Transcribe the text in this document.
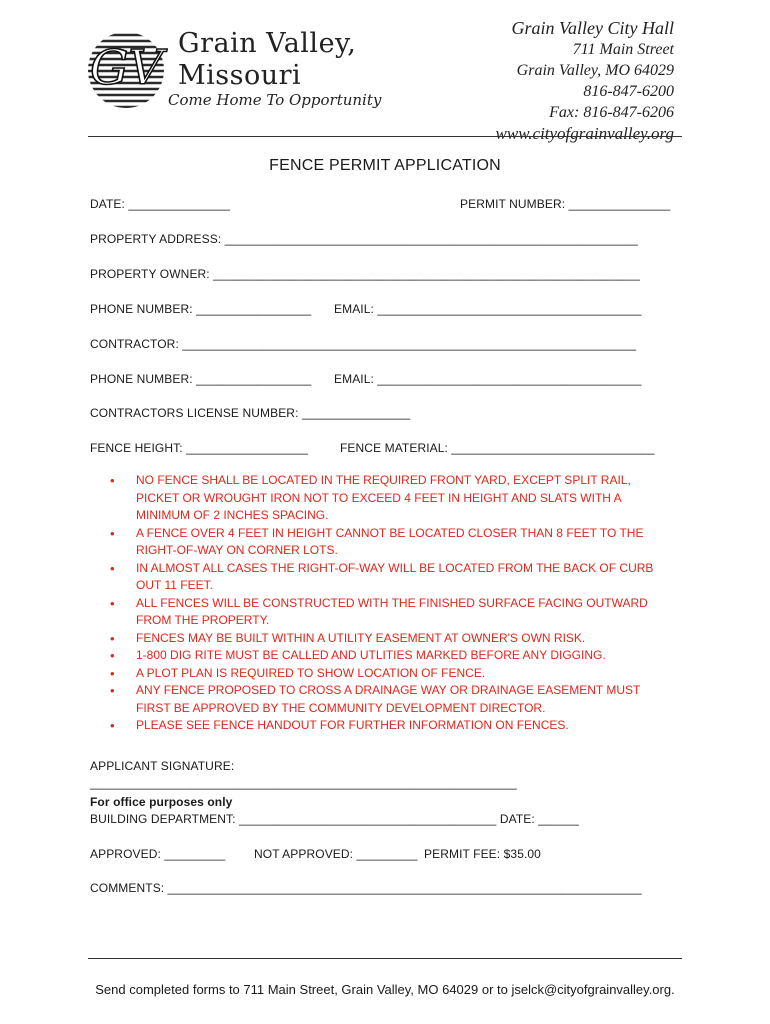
GV Grain Valley,
Missouri
Come Home To Opportunity
Grain Valley City Hall
711 Main Street
Grain Valley, MO 64029
816-847-6200
Fax: 816-847-6206
www.cityofgrainvalley.org
FENCE PERMIT APPLICATION
DATE: _______________	PERMIT NUMBER: _______________
PROPERTY ADDRESS: _____________________________________________________________
PROPERTY OWNER: _______________________________________________________________
PHONE NUMBER: _________________ EMAIL: _______________________________________
CONTRACTOR: ___________________________________________________________________
PHONE NUMBER: _________________ EMAIL: _______________________________________
CONTRACTORS LICENSE NUMBER: ________________
FENCE HEIGHT: __________________	FENCE MATERIAL: ______________________________
• NO FENCE SHALL BE LOCATED IN THE REQUIRED FRONT YARD, EXCEPT SPLIT RAIL, PICKET OR WROUGHT IRON NOT TO EXCEED 4 FEET IN HEIGHT AND SLATS WITH A MINIMUM OF 2 INCHES SPACING.
• A FENCE OVER 4 FEET IN HEIGHT CANNOT BE LOCATED CLOSER THAN 8 FEET TO THE RIGHT-OF-WAY ON CORNER LOTS.
• IN ALMOST ALL CASES THE RIGHT-OF-WAY WILL BE LOCATED FROM THE BACK OF CURB OUT 11 FEET.
• ALL FENCES WILL BE CONSTRUCTED WITH THE FINISHED SURFACE FACING OUTWARD FROM THE PROPERTY.
• FENCES MAY BE BUILT WITHIN A UTILITY EASEMENT AT OWNER'S OWN RISK.
• 1-800 DIG RITE MUST BE CALLED AND UTLITIES MARKED BEFORE ANY DIGGING.
• A PLOT PLAN IS REQUIRED TO SHOW LOCATION OF FENCE.
• ANY FENCE PROPOSED TO CROSS A DRAINAGE WAY OR DRAINAGE EASEMENT MUST FIRST BE APPROVED BY THE COMMUNITY DEVELOPMENT DIRECTOR.
• PLEASE SEE FENCE HANDOUT FOR FURTHER INFORMATION ON FENCES.
APPLICANT SIGNATURE:
_______________________________________________________________
For office purposes only
BUILDING DEPARTMENT: ______________________________________ DATE: ______
APPROVED: _________ NOT APPROVED: _________ PERMIT FEE: $35.00
COMMENTS: ______________________________________________________________________
Send completed forms to 711 Main Street, Grain Valley, MO 64029 or to jselck@cityofgrainvalley.org.
